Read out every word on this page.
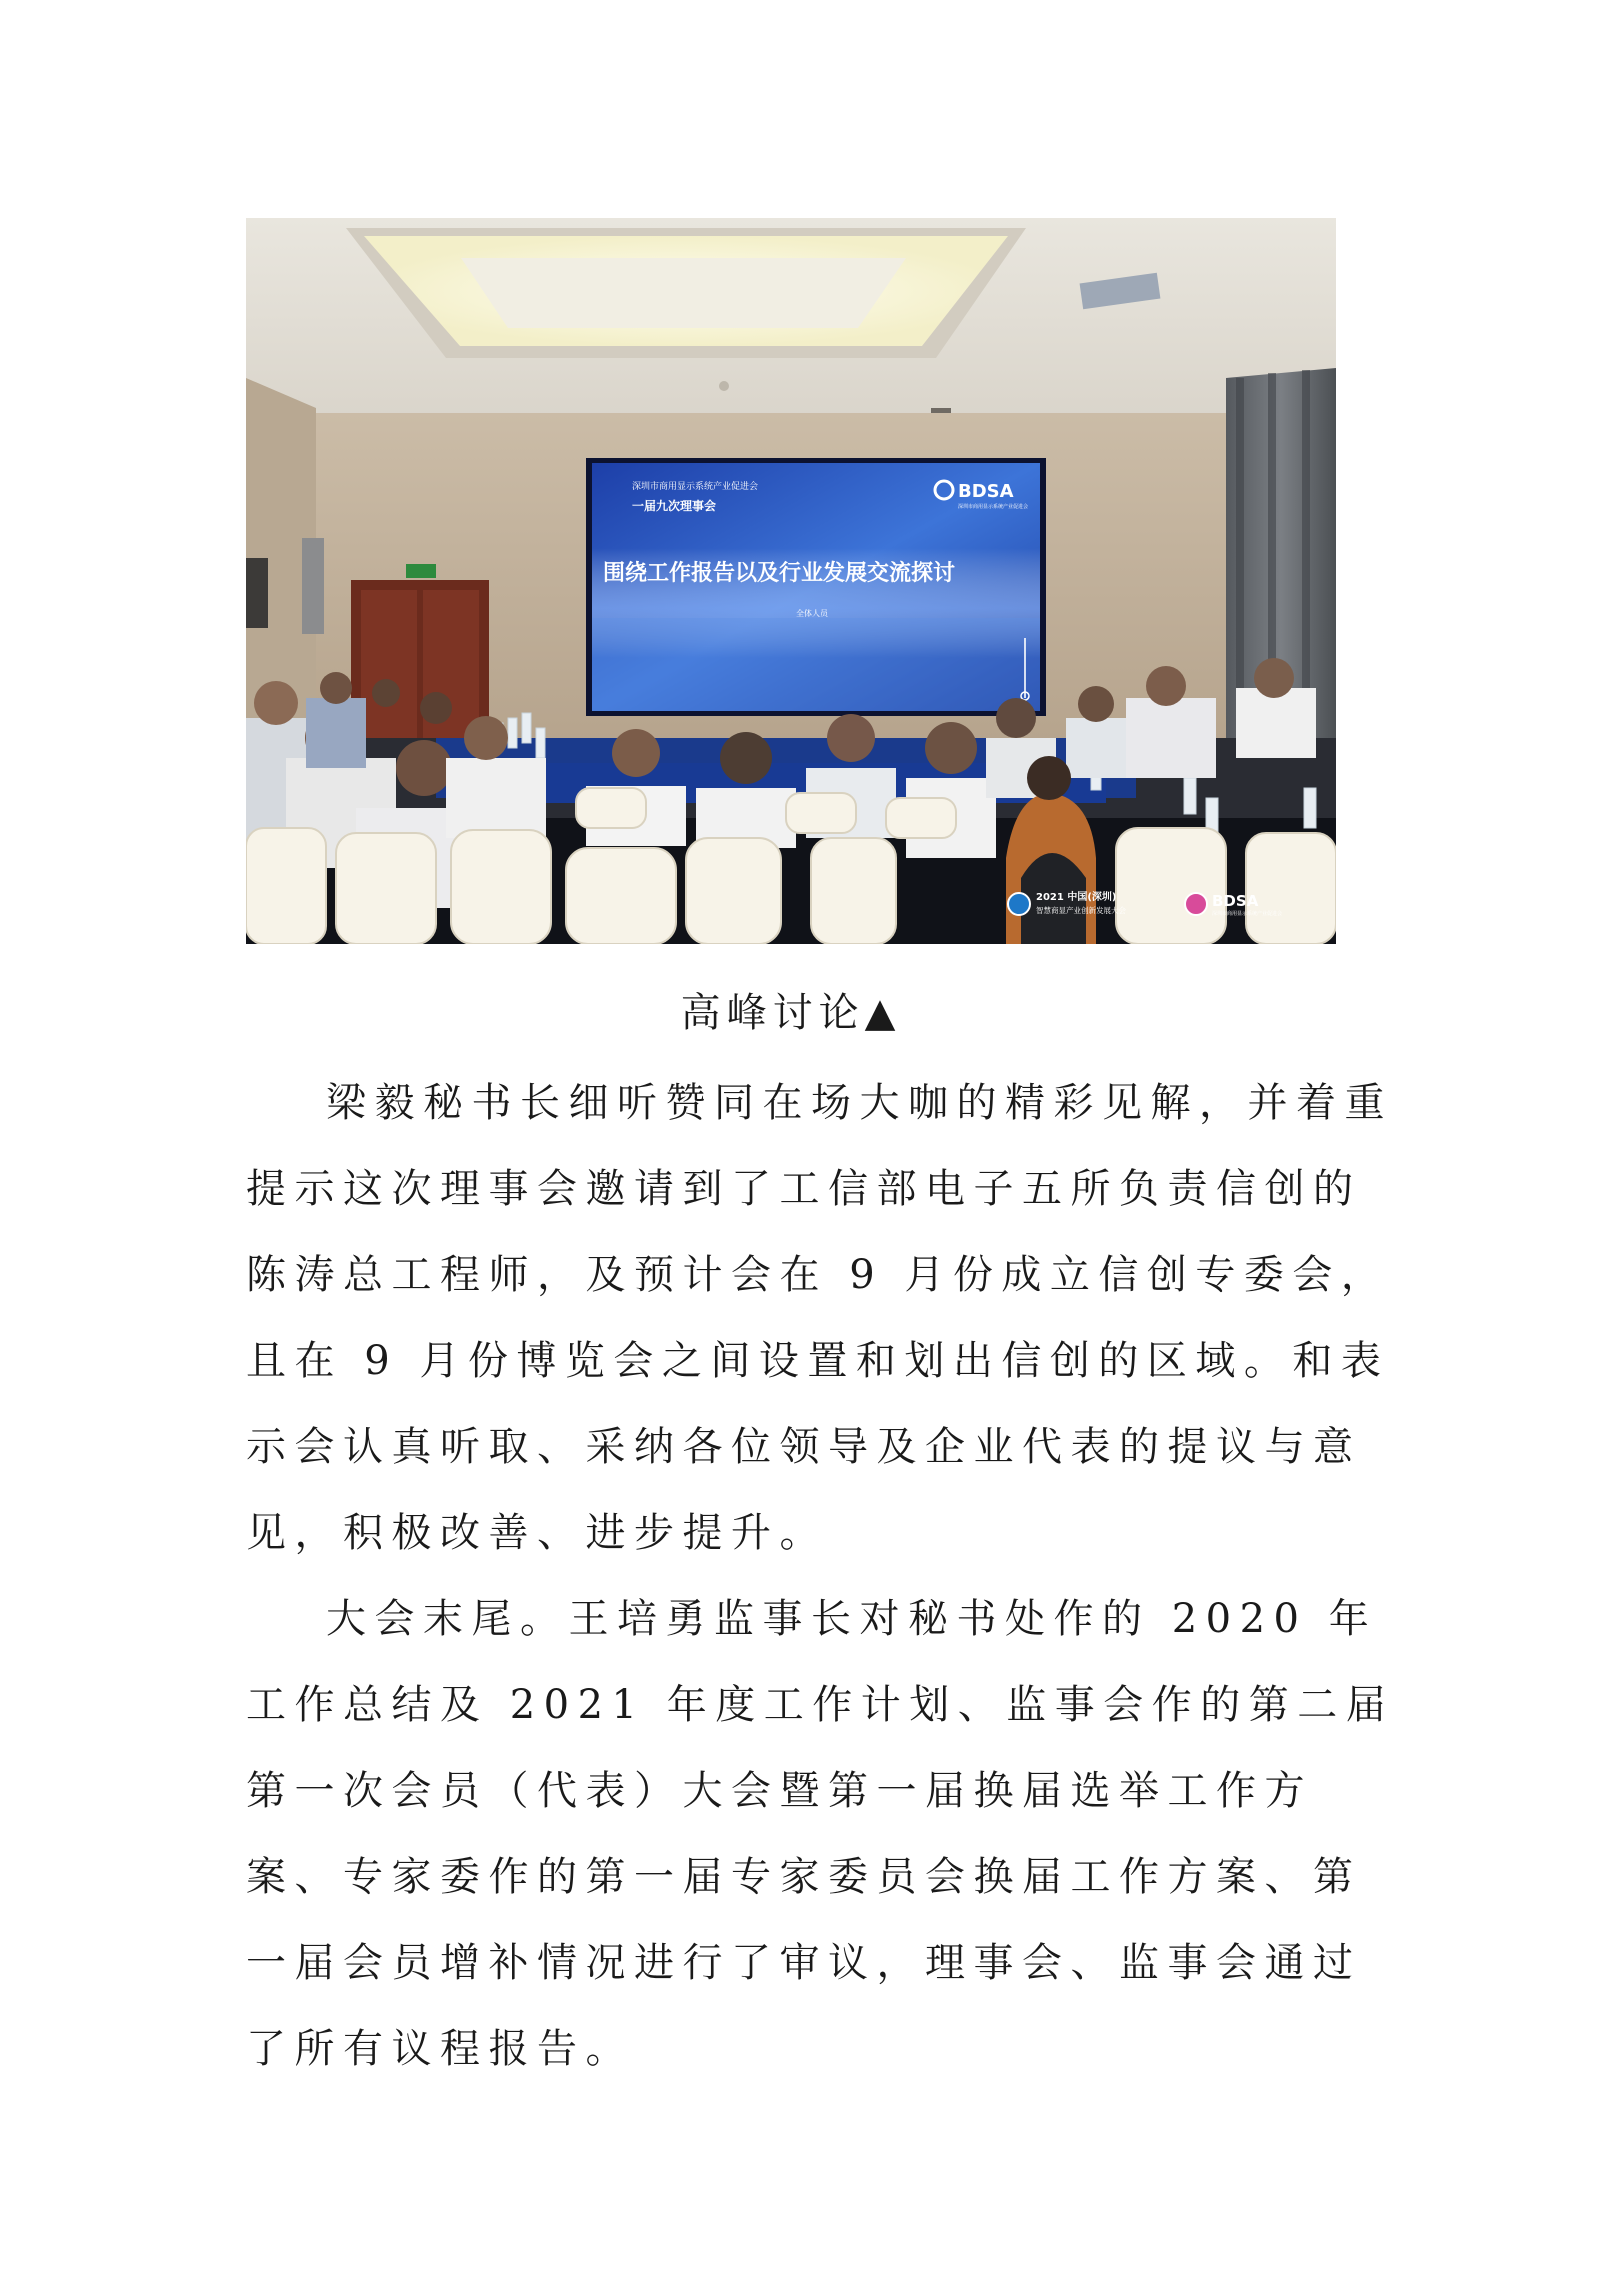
深圳市商用显示系统产业促进会
一届九次理事会
BDSA
深圳市商用显示系统产业促进会
围绕工作报告以及行业发展交流探讨
全体人员
2021 中国(深圳)
智慧商显产业创新发展大会
BDSA
深圳市商用显示系统产业促进会
高峰讨论▲

梁毅秘书长细听赞同在场大咖的精彩见解，并着重提示这次理事会邀请到了工信部电子五所负责信创的陈涛总工程师，及预计会在 9 月份成立信创专委会，且在 9 月份博览会之间设置和划出信创的区域。和表示会认真听取、采纳各位领导及企业代表的提议与意见，积极改善、进步提升。

大会末尾。王培勇监事长对秘书处作的 2020 年工作总结及 2021 年度工作计划、监事会作的第二届第一次会员（代表）大会暨第一届换届选举工作方案、专家委作的第一届专家委员会换届工作方案、第一届会员增补情况进行了审议，理事会、监事会通过了所有议程报告。
